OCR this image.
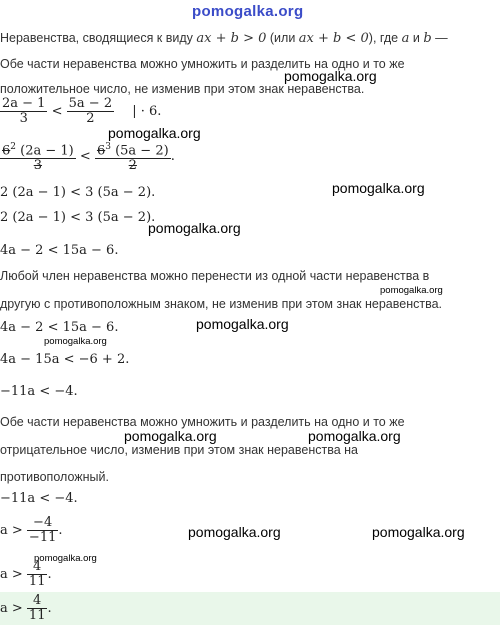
pomogalka.org
Неравенства, сводящиеся к виду ax + b > 0 (или ax + b < 0), где a и b —
Обе части неравенства можно умножить и разделить на одно и то же
pomogalka.org
положительное число, не изменив при этом знак неравенства.
$\frac{2a - 1}{3} < \frac{5a - 2}{2}$ | · 6.
pomogalka.org
$\frac{6^2 (2a - 1)}{3} < \frac{6^3 (5a - 2)}{2}$ .
2 (2a − 1) < 3 (5a − 2).	pomogalka.org
2 (2a − 1) < 3 (5a − 2).
pomogalka.org
4a − 2 < 15a − 6.
Любой член неравенства можно перенести из одной части неравенства в
pomogalka.org
другую с противоположным знаком, не изменив при этом знак неравенства.
pomogalka.org
4a − 2 < 15a − 6.
pomogalka.org
4a − 15a < −6 + 2.
−11a < −4.
Обе части неравенства можно умножить и разделить на одно и то же
pomogalka.org	pomogalka.org
отрицательное число, изменив при этом знак неравенства на
противоположный.
−11a < −4.
$a > \frac{-4}{-11}$ .	pomogalka.org	pomogalka.org
pomogalka.org
$a > \frac{4}{11}$ .
$a > \frac{4}{11}$ .
